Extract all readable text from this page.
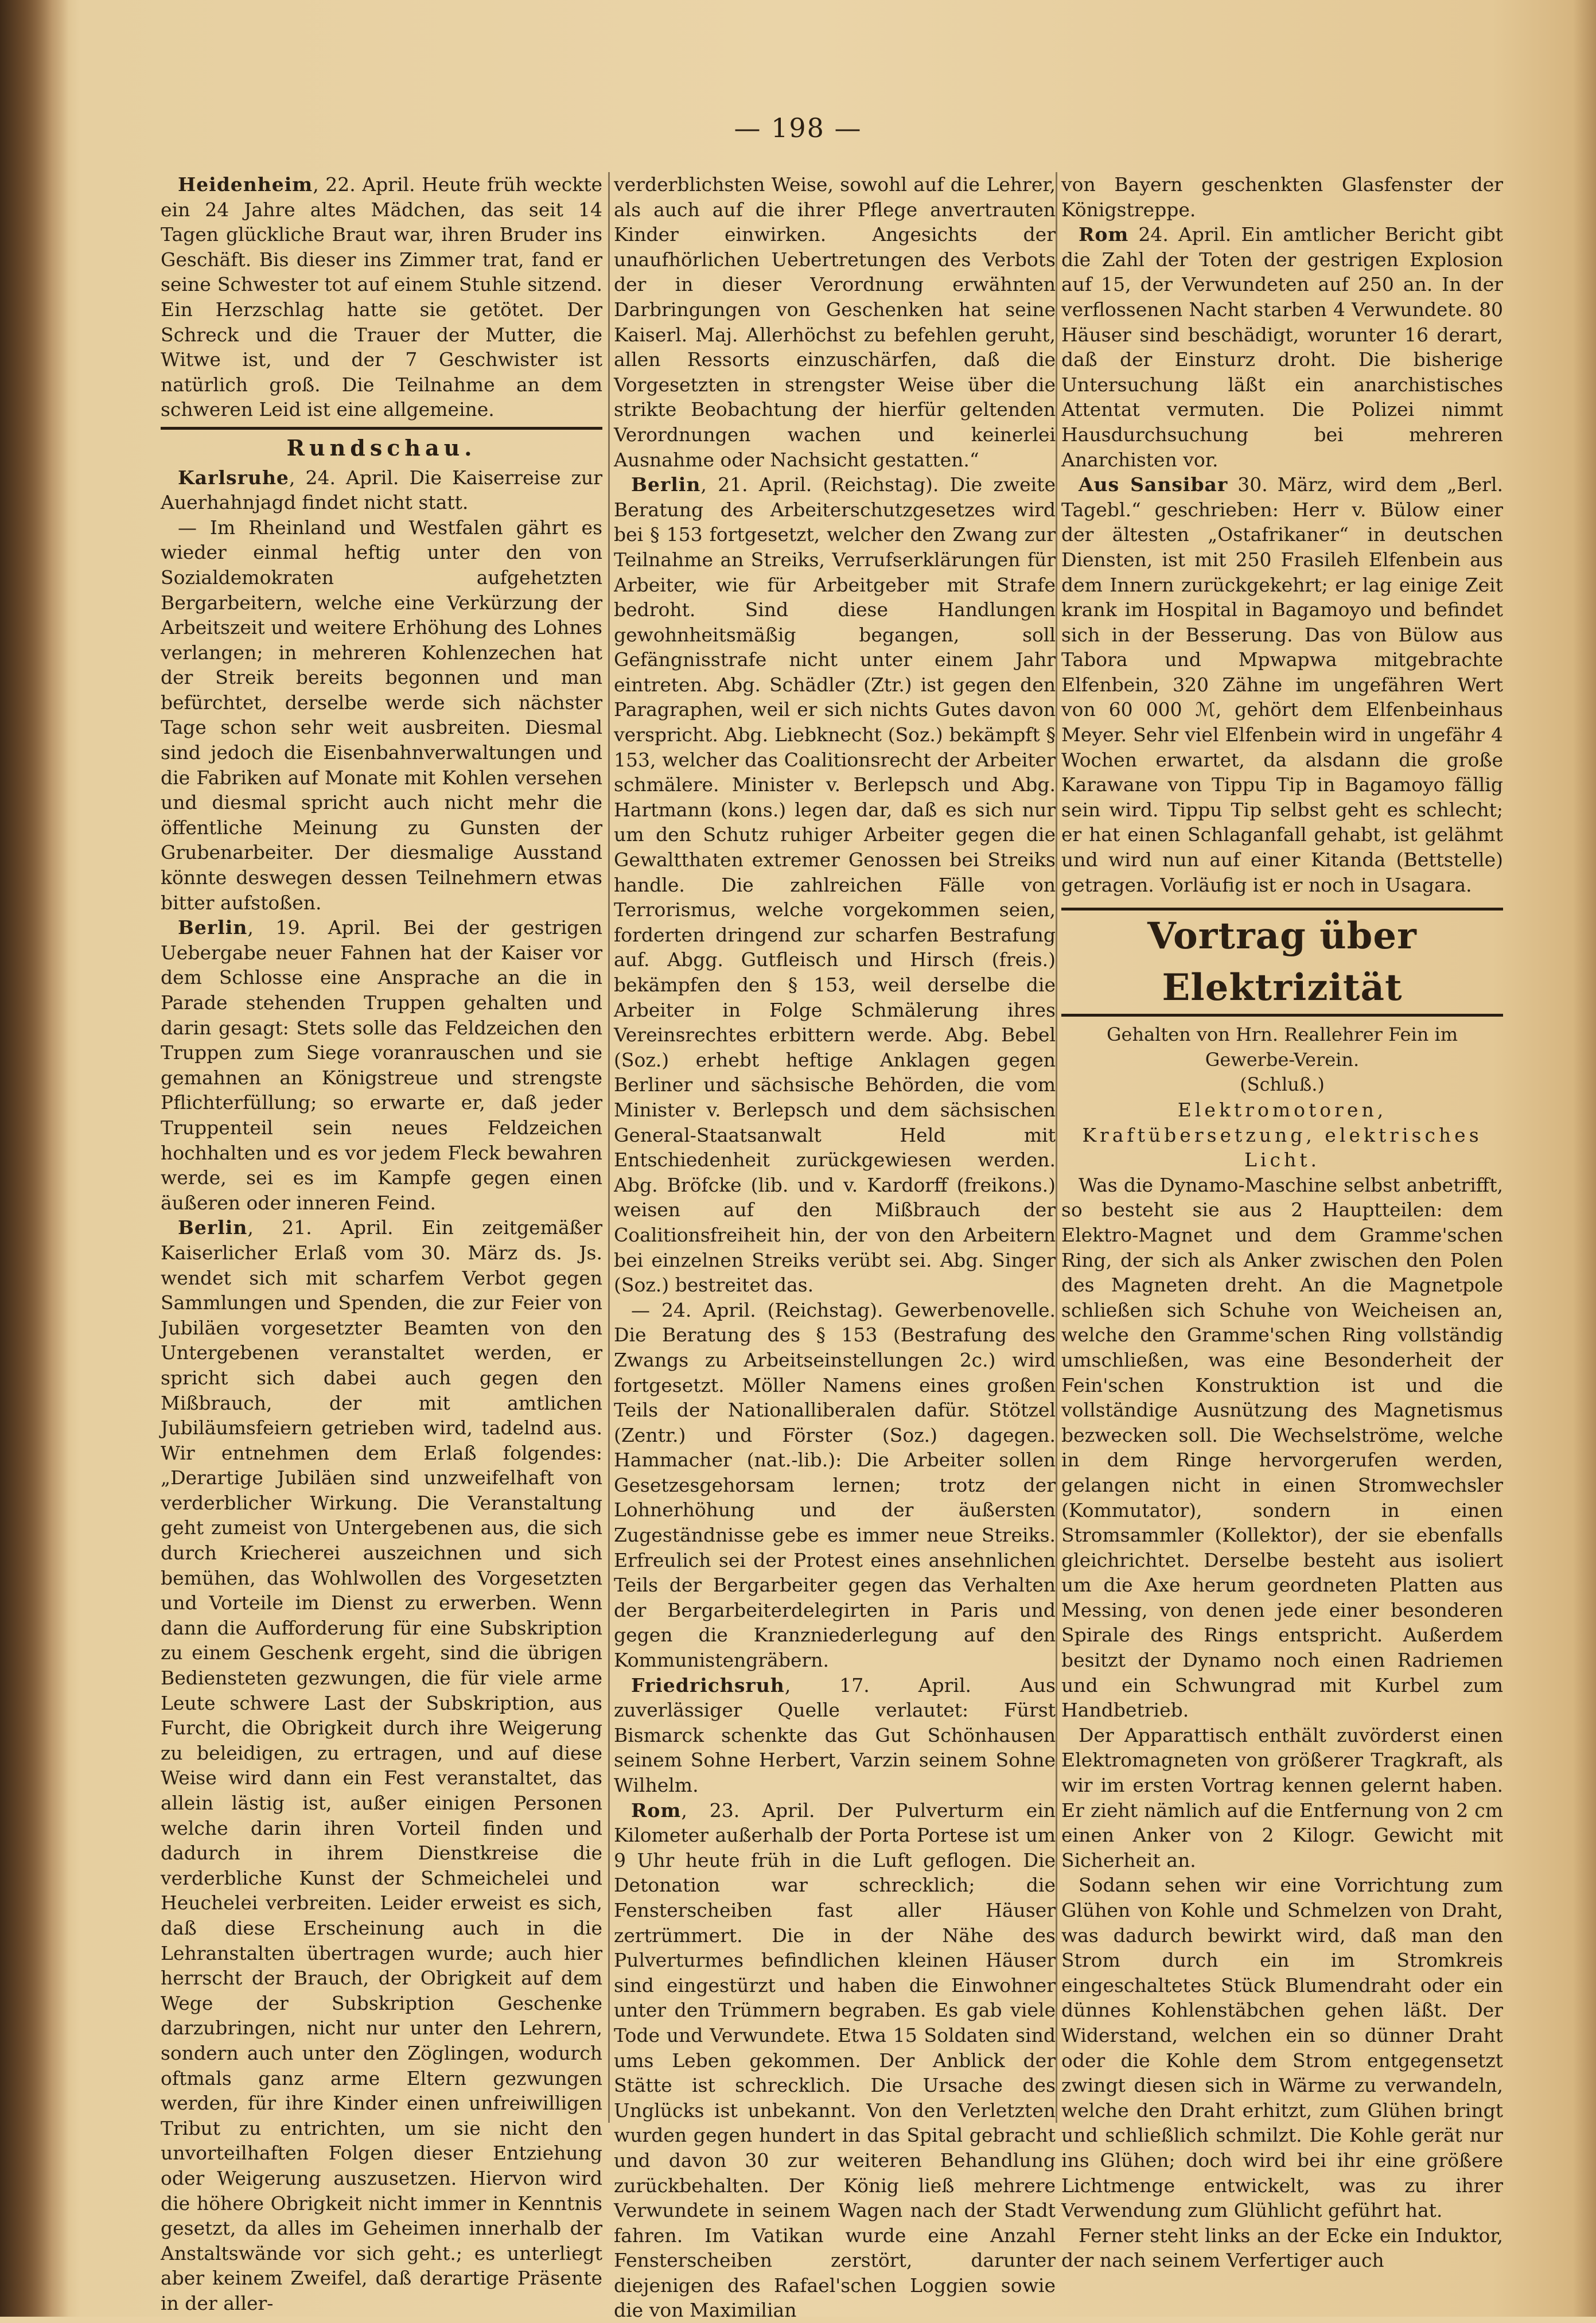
— 198 —

Heidenheim, 22. April. Heute früh weckte ein 24 Jahre altes Mädchen, das seit 14 Tagen glückliche Braut war, ihren Bruder ins Geschäft. Bis dieser ins Zimmer trat, fand er seine Schwester tot auf einem Stuhle sitzend. Ein Herzschlag hatte sie getötet. Der Schreck und die Trauer der Mutter, die Witwe ist, und der 7 Geschwister ist natürlich groß. Die Teilnahme an dem schweren Leid ist eine allgemeine.

Rundschau.

Karlsruhe, 24. April. Die Kaiserreise zur Auerhahnjagd findet nicht statt.

— Im Rheinland und Westfalen gährt es wieder einmal heftig unter den von Sozialdemokraten aufgehetzten Bergarbeitern, welche eine Verkürzung der Arbeitszeit und weitere Erhöhung des Lohnes verlangen; in mehreren Kohlenzechen hat der Streik bereits begonnen und man befürchtet, derselbe werde sich nächster Tage schon sehr weit ausbreiten. Diesmal sind jedoch die Eisenbahnverwaltungen und die Fabriken auf Monate mit Kohlen versehen und diesmal spricht auch nicht mehr die öffentliche Meinung zu Gunsten der Grubenarbeiter. Der diesmalige Ausstand könnte deswegen dessen Teilnehmern etwas bitter aufstoßen.

Berlin, 19. April. Bei der gestrigen Uebergabe neuer Fahnen hat der Kaiser vor dem Schlosse eine Ansprache an die in Parade stehenden Truppen gehalten und darin gesagt: Stets solle das Feldzeichen den Truppen zum Siege voranrauschen und sie gemahnen an Königstreue und strengste Pflichterfüllung; so erwarte er, daß jeder Truppenteil sein neues Feldzeichen hochhalten und es vor jedem Fleck bewahren werde, sei es im Kampfe gegen einen äußeren oder inneren Feind.

Berlin, 21. April. Ein zeitgemäßer Kaiserlicher Erlaß vom 30. März ds. Js. wendet sich mit scharfem Verbot gegen Sammlungen und Spenden, die zur Feier von Jubiläen vorgesetzter Beamten von den Untergebenen veranstaltet werden, er spricht sich dabei auch gegen den Mißbrauch, der mit amtlichen Jubiläumsfeiern getrieben wird, tadelnd aus. Wir entnehmen dem Erlaß folgendes: „Derartige Jubiläen sind unzweifelhaft von verderblicher Wirkung. Die Veranstaltung geht zumeist von Untergebenen aus, die sich durch Kriecherei auszeichnen und sich bemühen, das Wohlwollen des Vorgesetzten und Vorteile im Dienst zu erwerben. Wenn dann die Aufforderung für eine Subskription zu einem Geschenk ergeht, sind die übrigen Bediensteten gezwungen, die für viele arme Leute schwere Last der Subskription, aus Furcht, die Obrigkeit durch ihre Weigerung zu beleidigen, zu ertragen, und auf diese Weise wird dann ein Fest veranstaltet, das allein lästig ist, außer einigen Personen welche darin ihren Vorteil finden und dadurch in ihrem Dienstkreise die verderbliche Kunst der Schmeichelei und Heuchelei verbreiten. Leider erweist es sich, daß diese Erscheinung auch in die Lehranstalten übertragen wurde; auch hier herrscht der Brauch, der Obrigkeit auf dem Wege der Subskription Geschenke darzubringen, nicht nur unter den Lehrern, sondern auch unter den Zöglingen, wodurch oftmals ganz arme Eltern gezwungen werden, für ihre Kinder einen unfreiwilligen Tribut zu entrichten, um sie nicht den unvorteilhaften Folgen dieser Entziehung oder Weigerung auszusetzen. Hiervon wird die höhere Obrigkeit nicht immer in Kenntnis gesetzt, da alles im Geheimen innerhalb der Anstaltswände vor sich geht.; es unterliegt aber keinem Zweifel, daß derartige Präsente in der aller-

verderblichsten Weise, sowohl auf die Lehrer, als auch auf die ihrer Pflege anvertrauten Kinder einwirken. Angesichts der unaufhörlichen Uebertretungen des Verbots der in dieser Verordnung erwähnten Darbringungen von Geschenken hat seine Kaiserl. Maj. Allerhöchst zu befehlen geruht, allen Ressorts einzuschärfen, daß die Vorgesetzten in strengster Weise über die strikte Beobachtung der hierfür geltenden Verordnungen wachen und keinerlei Ausnahme oder Nachsicht gestatten.“

Berlin, 21. April. (Reichstag). Die zweite Beratung des Arbeiterschutzgesetzes wird bei § 153 fortgesetzt, welcher den Zwang zur Teilnahme an Streiks, Verrufserklärungen für Arbeiter, wie für Arbeitgeber mit Strafe bedroht. Sind diese Handlungen gewohnheitsmäßig begangen, soll Gefängnisstrafe nicht unter einem Jahr eintreten. Abg. Schädler (Ztr.) ist gegen den Paragraphen, weil er sich nichts Gutes davon verspricht. Abg. Liebknecht (Soz.) bekämpft § 153, welcher das Coalitionsrecht der Arbeiter schmälere. Minister v. Berlepsch und Abg. Hartmann (kons.) legen dar, daß es sich nur um den Schutz ruhiger Arbeiter gegen die Gewaltthaten extremer Genossen bei Streiks handle. Die zahlreichen Fälle von Terrorismus, welche vorgekommen seien, forderten dringend zur scharfen Bestrafung auf. Abgg. Gutfleisch und Hirsch (freis.) bekämpfen den § 153, weil derselbe die Arbeiter in Folge Schmälerung ihres Vereinsrechtes erbittern werde. Abg. Bebel (Soz.) erhebt heftige Anklagen gegen Berliner und sächsische Behörden, die vom Minister v. Berlepsch und dem sächsischen General-Staatsanwalt Held mit Entschiedenheit zurückgewiesen werden. Abg. Bröfcke (lib. und v. Kardorff (freikons.) weisen auf den Mißbrauch der Coalitionsfreiheit hin, der von den Arbeitern bei einzelnen Streiks verübt sei. Abg. Singer (Soz.) bestreitet das.

— 24. April. (Reichstag). Gewerbenovelle. Die Beratung des § 153 (Bestrafung des Zwangs zu Arbeitseinstellungen 2c.) wird fortgesetzt. Möller Namens eines großen Teils der Nationalliberalen dafür. Stötzel (Zentr.) und Förster (Soz.) dagegen. Hammacher (nat.-lib.): Die Arbeiter sollen Gesetzesgehorsam lernen; trotz der Lohnerhöhung und der äußersten Zugeständnisse gebe es immer neue Streiks. Erfreulich sei der Protest eines ansehnlichen Teils der Bergarbeiter gegen das Verhalten der Bergarbeiterdelegirten in Paris und gegen die Kranzniederlegung auf den Kommunistengräbern.

Friedrichsruh, 17. April. Aus zuverlässiger Quelle verlautet: Fürst Bismarck schenkte das Gut Schönhausen seinem Sohne Herbert, Varzin seinem Sohne Wilhelm.

Rom, 23. April. Der Pulverturm ein Kilometer außerhalb der Porta Portese ist um 9 Uhr heute früh in die Luft geflogen. Die Detonation war schrecklich; die Fensterscheiben fast aller Häuser zertrümmert. Die in der Nähe des Pulverturmes befindlichen kleinen Häuser sind eingestürzt und haben die Einwohner unter den Trümmern begraben. Es gab viele Tode und Verwundete. Etwa 15 Soldaten sind ums Leben gekommen. Der Anblick der Stätte ist schrecklich. Die Ursache des Unglücks ist unbekannt. Von den Verletzten wurden gegen hundert in das Spital gebracht und davon 30 zur weiteren Behandlung zurückbehalten. Der König ließ mehrere Verwundete in seinem Wagen nach der Stadt fahren. Im Vatikan wurde eine Anzahl Fensterscheiben zerstört, darunter diejenigen des Rafael'schen Loggien sowie die von Maximilian

von Bayern geschenkten Glasfenster der Königstreppe.

Rom 24. April. Ein amtlicher Bericht gibt die Zahl der Toten der gestrigen Explosion auf 15, der Verwundeten auf 250 an. In der verflossenen Nacht starben 4 Verwundete. 80 Häuser sind beschädigt, worunter 16 derart, daß der Einsturz droht. Die bisherige Untersuchung läßt ein anarchistisches Attentat vermuten. Die Polizei nimmt Hausdurchsuchung bei mehreren Anarchisten vor.

Aus Sansibar 30. März, wird dem „Berl. Tagebl.“ geschrieben: Herr v. Bülow einer der ältesten „Ostafrikaner“ in deutschen Diensten, ist mit 250 Frasileh Elfenbein aus dem Innern zurückgekehrt; er lag einige Zeit krank im Hospital in Bagamoyo und befindet sich in der Besserung. Das von Bülow aus Tabora und Mpwapwa mitgebrachte Elfenbein, 320 Zähne im ungefähren Wert von 60 000 ℳ, gehört dem Elfenbeinhaus Meyer. Sehr viel Elfenbein wird in ungefähr 4 Wochen erwartet, da alsdann die große Karawane von Tippu Tip in Bagamoyo fällig sein wird. Tippu Tip selbst geht es schlecht; er hat einen Schlaganfall gehabt, ist gelähmt und wird nun auf einer Kitanda (Bettstelle) getragen. Vorläufig ist er noch in Usagara.

Vortrag über Elektrizität

Gehalten von Hrn. Reallehrer Fein im Gewerbe-Verein.

(Schluß.)

Elektromotoren, Kraftübersetzung, elektrisches Licht.

Was die Dynamo-Maschine selbst anbetrifft, so besteht sie aus 2 Hauptteilen: dem Elektro-Magnet und dem Gramme'schen Ring, der sich als Anker zwischen den Polen des Magneten dreht. An die Magnetpole schließen sich Schuhe von Weicheisen an, welche den Gramme'schen Ring vollständig umschließen, was eine Besonderheit der Fein'schen Konstruktion ist und die vollständige Ausnützung des Magnetismus bezwecken soll. Die Wechselströme, welche in dem Ringe hervorgerufen werden, gelangen nicht in einen Stromwechsler (Kommutator), sondern in einen Stromsammler (Kollektor), der sie ebenfalls gleichrichtet. Derselbe besteht aus isoliert um die Axe herum geordneten Platten aus Messing, von denen jede einer besonderen Spirale des Rings entspricht. Außerdem besitzt der Dynamo noch einen Radriemen und ein Schwungrad mit Kurbel zum Handbetrieb.

Der Apparattisch enthält zuvörderst einen Elektromagneten von größerer Tragkraft, als wir im ersten Vortrag kennen gelernt haben. Er zieht nämlich auf die Entfernung von 2 cm einen Anker von 2 Kilogr. Gewicht mit Sicherheit an.

Sodann sehen wir eine Vorrichtung zum Glühen von Kohle und Schmelzen von Draht, was dadurch bewirkt wird, daß man den Strom durch ein im Stromkreis eingeschaltetes Stück Blumendraht oder ein dünnes Kohlenstäbchen gehen läßt. Der Widerstand, welchen ein so dünner Draht oder die Kohle dem Strom entgegensetzt zwingt diesen sich in Wärme zu verwandeln, welche den Draht erhitzt, zum Glühen bringt und schließlich schmilzt. Die Kohle gerät nur ins Glühen; doch wird bei ihr eine größere Lichtmenge entwickelt, was zu ihrer Verwendung zum Glühlicht geführt hat.

Ferner steht links an der Ecke ein Induktor, der nach seinem Verfertiger auch
